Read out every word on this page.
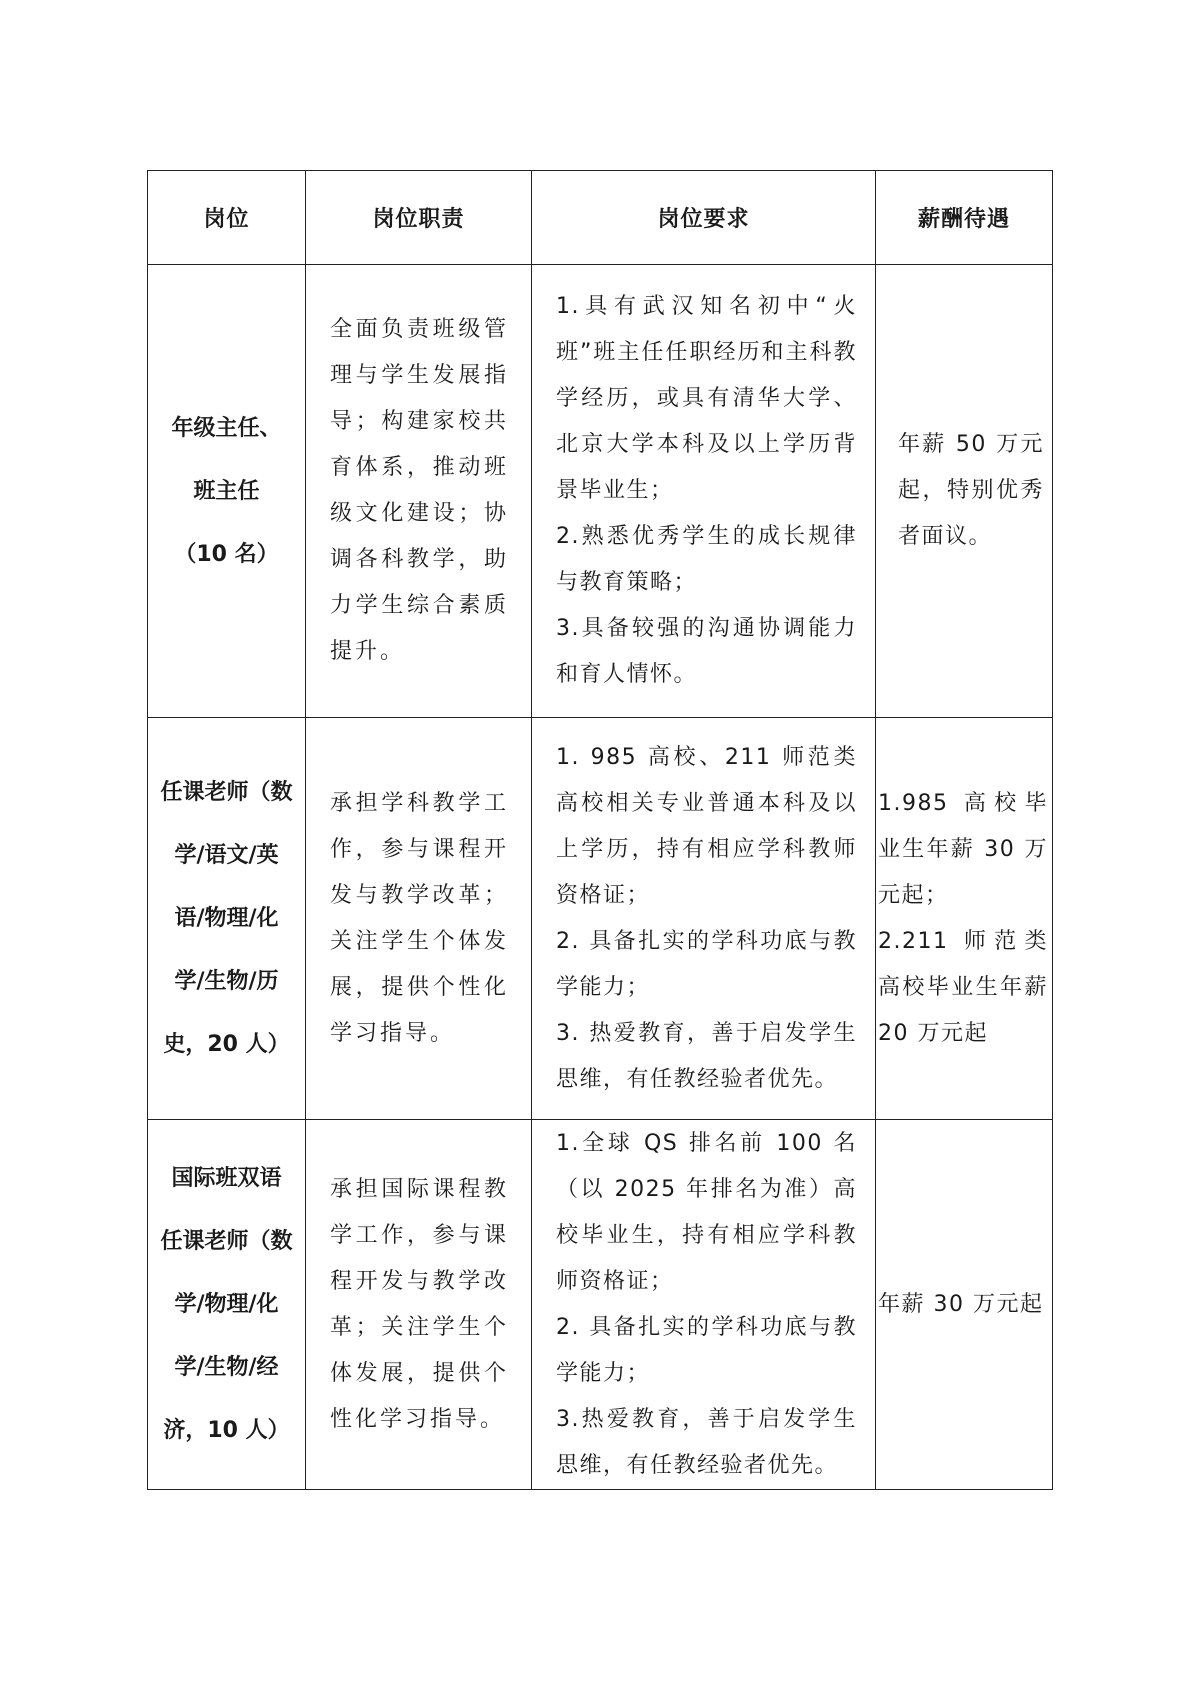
岗位	岗位职责	岗位要求	薪酬待遇

年级主任、
班主任
（10 名）	全面负责班级管理与学生发展指导；构建家校共育体系，推动班级文化建设；协调各科教学，助力学生综合素质提升。	1.具有武汉知名初中“火班”班主任任职经历和主科教学经历，或具有清华大学、北京大学本科及以上学历背景毕业生；
2.熟悉优秀学生的成长规律与教育策略；
3.具备较强的沟通协调能力和育人情怀。	年薪 50 万元起，特别优秀者面议。

任课老师（数
学/语文/英
语/物理/化
学/生物/历
史，20 人）	承担学科教学工作，参与课程开发与教学改革；关注学生个体发展，提供个性化学习指导。	1. 985 高校、211 师范类高校相关专业普通本科及以上学历，持有相应学科教师资格证；
2. 具备扎实的学科功底与教学能力；
3. 热爱教育，善于启发学生思维，有任教经验者优先。	1.985 高校毕业生年薪 30 万元起；
2.211 师范类高校毕业生年薪 20 万元起

国际班双语
任课老师（数
学/物理/化
学/生物/经
济，10 人）	承担国际课程教学工作，参与课程开发与教学改革；关注学生个体发展，提供个性化学习指导。	1.全球 QS 排名前 100 名（以 2025 年排名为准）高校毕业生，持有相应学科教师资格证；
2. 具备扎实的学科功底与教学能力；
3.热爱教育，善于启发学生思维，有任教经验者优先。	年薪 30 万元起
